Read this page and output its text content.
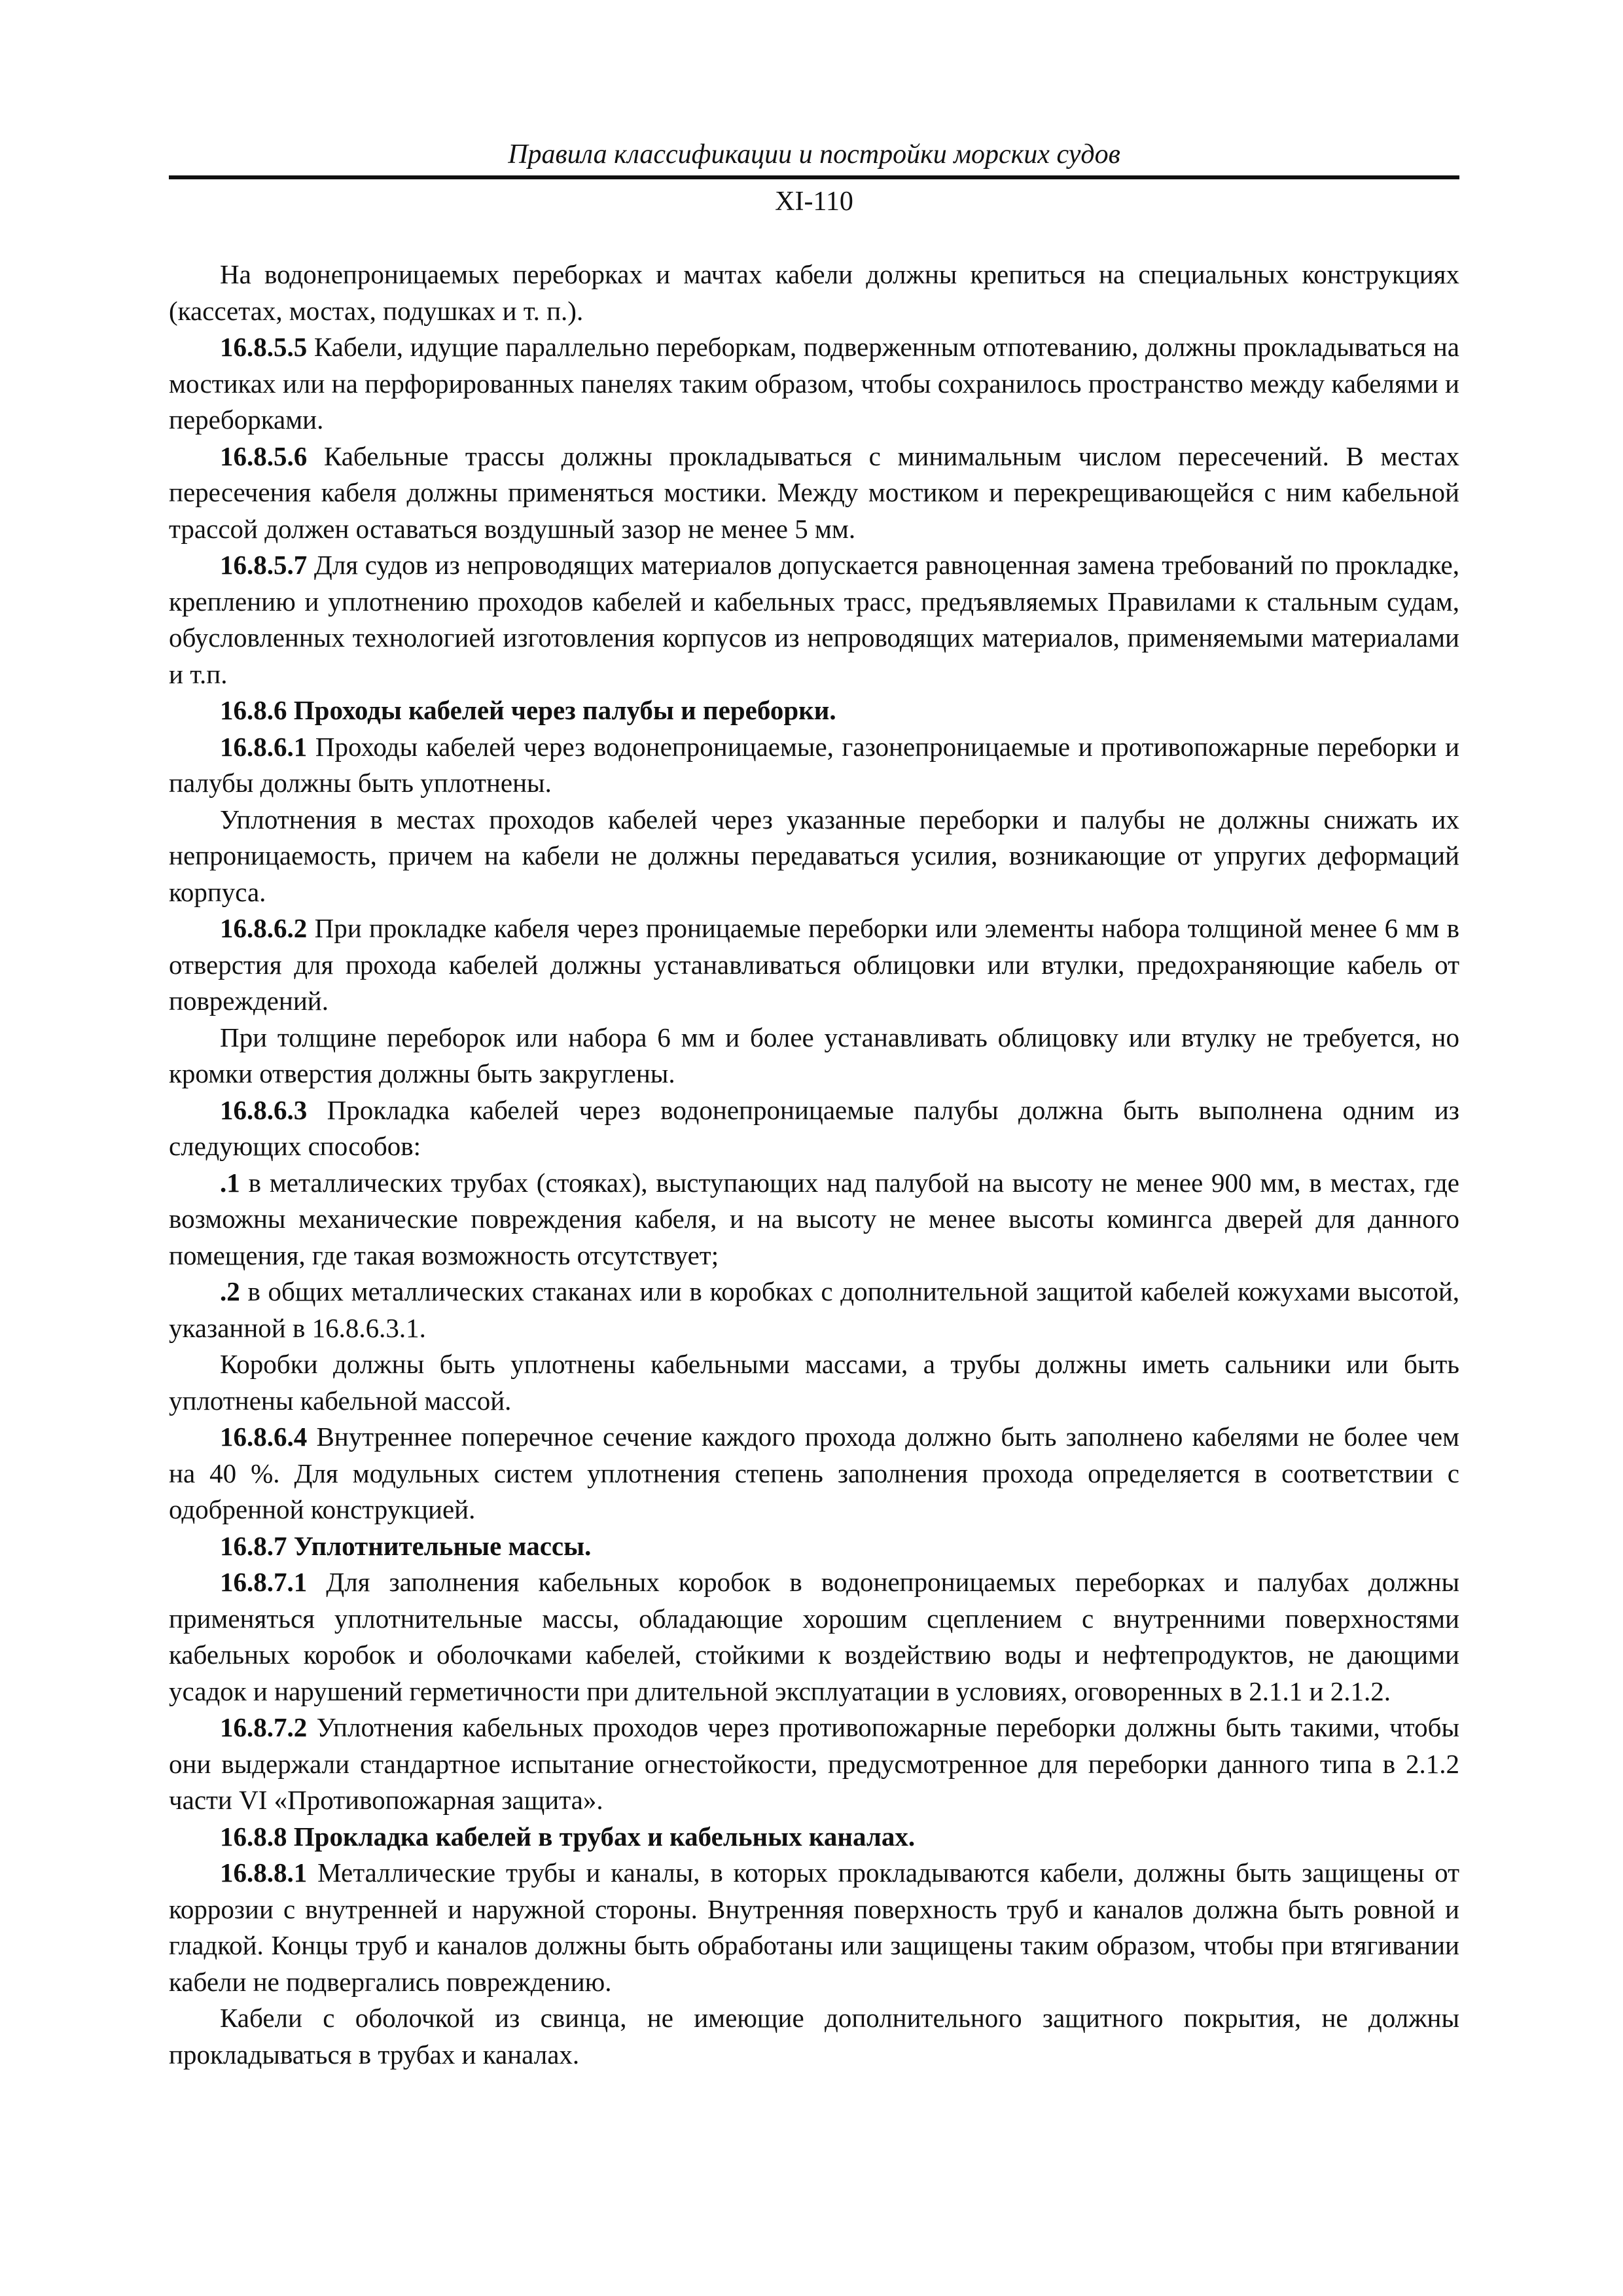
Правила классификации и постройки морских судов
XI-110

На водонепроницаемых переборках и мачтах кабели должны крепиться на специальных конструкциях (кассетах, мостах, подушках и т. п.).

16.8.5.5 Кабели, идущие параллельно переборкам, подверженным отпотеванию, должны прокладываться на мостиках или на перфорированных панелях таким образом, чтобы сохранилось пространство между кабелями и переборками.

16.8.5.6 Кабельные трассы должны прокладываться с минимальным числом пересечений. В местах пересечения кабеля должны применяться мостики. Между мостиком и перекрещивающейся с ним кабельной трассой должен оставаться воздушный зазор не менее 5 мм.

16.8.5.7 Для судов из непроводящих материалов допускается равноценная замена требований по прокладке, креплению и уплотнению проходов кабелей и кабельных трасс, предъявляемых Правилами к стальным судам, обусловленных технологией изготовления корпусов из непроводящих материалов, применяемыми материалами и т.п.

16.8.6 Проходы кабелей через палубы и переборки.

16.8.6.1 Проходы кабелей через водонепроницаемые, газонепроницаемые и противопожарные переборки и палубы должны быть уплотнены.

Уплотнения в местах проходов кабелей через указанные переборки и палубы не должны снижать их непроницаемость, причем на кабели не должны передаваться усилия, возникающие от упругих деформаций корпуса.

16.8.6.2 При прокладке кабеля через проницаемые переборки или элементы набора толщиной менее 6 мм в отверстия для прохода кабелей должны устанавливаться облицовки или втулки, предохраняющие кабель от повреждений.

При толщине переборок или набора 6 мм и более устанавливать облицовку или втулку не требуется, но кромки отверстия должны быть закруглены.

16.8.6.3 Прокладка кабелей через водонепроницаемые палубы должна быть выполнена одним из следующих способов:

.1 в металлических трубах (стояках), выступающих над палубой на высоту не менее 900 мм, в местах, где возможны механические повреждения кабеля, и на высоту не менее высоты комингса дверей для данного помещения, где такая возможность отсутствует;

.2 в общих металлических стаканах или в коробках с дополнительной защитой кабелей кожухами высотой, указанной в 16.8.6.3.1.

Коробки должны быть уплотнены кабельными массами, а трубы должны иметь сальники или быть уплотнены кабельной массой.

16.8.6.4 Внутреннее поперечное сечение каждого прохода должно быть заполнено кабелями не более чем на 40 %. Для модульных систем уплотнения степень заполнения прохода определяется в соответствии с одобренной конструкцией.

16.8.7 Уплотнительные массы.

16.8.7.1 Для заполнения кабельных коробок в водонепроницаемых переборках и палубах должны применяться уплотнительные массы, обладающие хорошим сцеплением с внутренними поверхностями кабельных коробок и оболочками кабелей, стойкими к воздействию воды и нефтепродуктов, не дающими усадок и нарушений герметичности при длительной эксплуатации в условиях, оговоренных в 2.1.1 и 2.1.2.

16.8.7.2 Уплотнения кабельных проходов через противопожарные переборки должны быть такими, чтобы они выдержали стандартное испытание огнестойкости, предусмотренное для переборки данного типа в 2.1.2 части VI «Противопожарная защита».

16.8.8 Прокладка кабелей в трубах и кабельных каналах.

16.8.8.1 Металлические трубы и каналы, в которых прокладываются кабели, должны быть защищены от коррозии с внутренней и наружной стороны. Внутренняя поверхность труб и каналов должна быть ровной и гладкой. Концы труб и каналов должны быть обработаны или защищены таким образом, чтобы при втягивании кабели не подвергались повреждению.

Кабели с оболочкой из свинца, не имеющие дополнительного защитного покрытия, не должны прокладываться в трубах и каналах.
